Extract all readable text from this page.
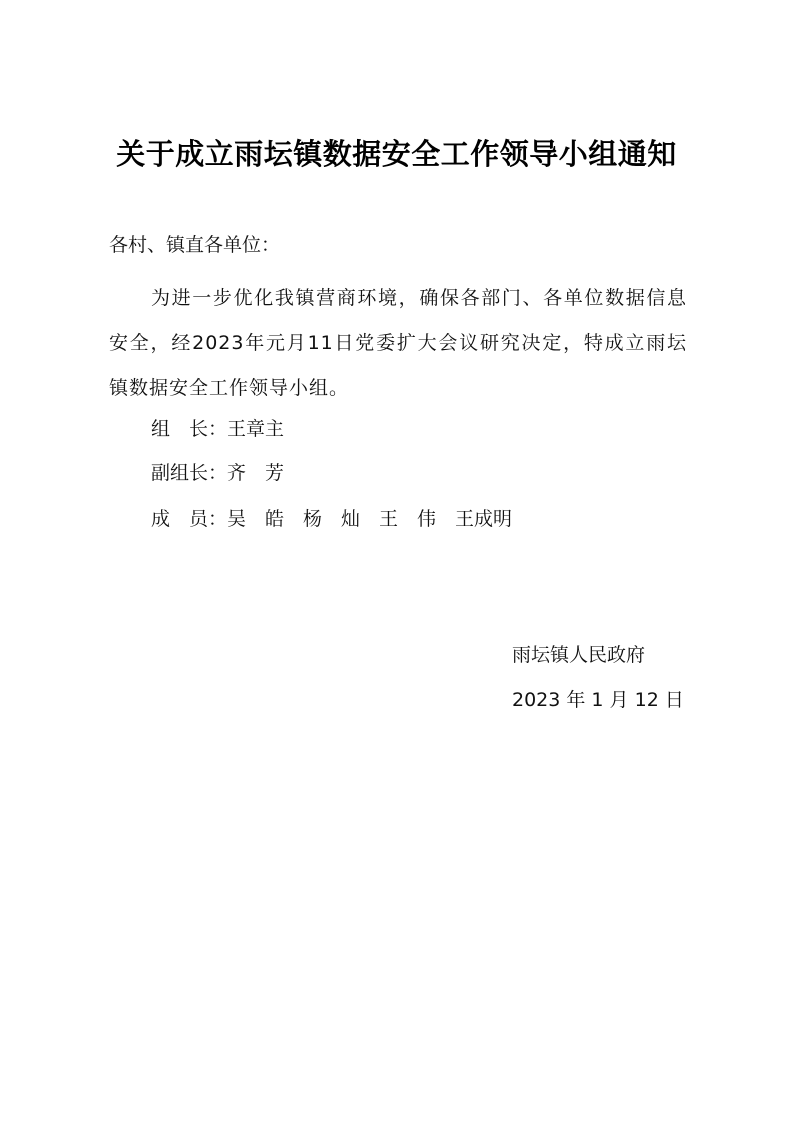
关于成立雨坛镇数据安全工作领导小组通知
各村、镇直各单位：
为进一步优化我镇营商环境，确保各部门、各单位数据信息安全，经2023年元月11日党委扩大会议研究决定，特成立雨坛镇数据安全工作领导小组。
组　长：王章主
副组长：齐　芳
成　员：吴　皓　杨　灿　王　伟　王成明
雨坛镇人民政府
2023 年 1 月 12 日
